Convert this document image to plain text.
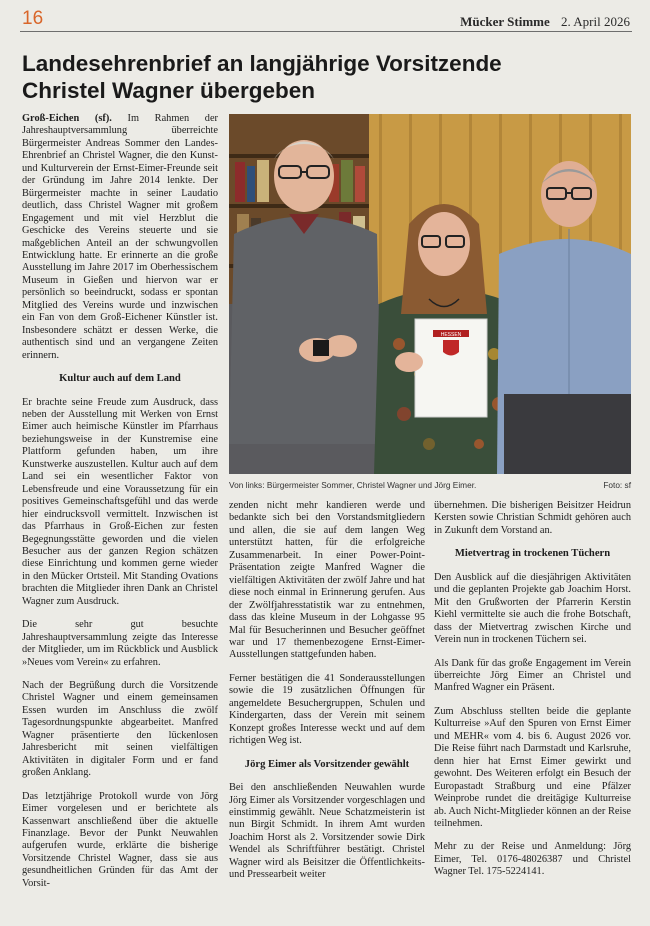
16	Mücker Stimme 2. April 2026
Landesehrenbrief an langjährige Vorsitzende
Christel Wagner übergeben

Groß-Eichen (sf). Im Rahmen der Jahreshauptversammlung überreichte Bürgermeister Andreas Sommer den Landes-Ehrenbrief an Christel Wagner, die den Kunst- und Kulturverein der Ernst-Eimer-Freunde seit der Gründung im Jahre 2014 lenkte. Der Bürgermeister machte in seiner Laudatio deutlich, dass Christel Wagner mit großem Engagement und mit viel Herzblut die Geschicke des Vereins steuerte und sie maßgeblichen Anteil an der schwungvollen Entwicklung hatte. Er erinnerte an die große Ausstellung im Jahre 2017 im Oberhessischem Museum in Gießen und hiervon war er persönlich so beeindruckt, sodass er spontan Mitglied des Vereins wurde und inzwischen ein Fan von dem Groß-Eichener Künstler ist. Insbesondere schätzt er dessen Werke, die authentisch sind und an vergangene Zeiten erinnern.

Kultur auch auf dem Land

Er brachte seine Freude zum Ausdruck, dass neben der Ausstellung mit Werken von Ernst Eimer auch heimische Künstler im Pfarrhaus beziehungsweise in der Kunstremise eine Plattform gefunden haben, um ihre Kunstwerke auszustellen. Kultur auch auf dem Land sei ein wesentlicher Faktor von Lebensfreude und eine Voraussetzung für ein positives Gemeinschaftsgefühl und das werde hier eindrucksvoll vermittelt. Inzwischen ist das Pfarrhaus in Groß-Eichen zur festen Begegnungsstätte geworden und die vielen Besucher aus der ganzen Region schätzen diese Einrichtung und kommen gerne wieder in den Mücker Ortsteil. Mit Standing Ovations brachten die Mitglieder ihren Dank an Christel Wagner zum Ausdruck.

Die sehr gut besuchte Jahreshauptversammlung zeigte das Interesse der Mitglieder, um im Rückblick und Ausblick »Neues vom Verein« zu erfahren.

Nach der Begrüßung durch die Vorsitzende Christel Wagner und einem gemeinsamen Essen wurden im Anschluss die zwölf Tagesordnungspunkte abgearbeitet. Manfred Wagner präsentierte den lückenlosen Jahresbericht mit seinen vielfältigen Aktivitäten in digitaler Form und er fand großen Anklang.

Das letztjährige Protokoll wurde von Jörg Eimer vorgelesen und er berichtete als Kassenwart anschließend über die aktuelle Finanzlage. Bevor der Punkt Neuwahlen aufgerufen wurde, erklärte die bisherige Vorsitzende Christel Wagner, dass sie aus gesundheitlichen Gründen für das Amt der Vorsit-

HESSEN
Von links: Bürgermeister Sommer, Christel Wagner und Jörg Eimer.	Foto: sf

zenden nicht mehr kandieren werde und bedankte sich bei den Vorstandsmitgliedern und allen, die sie auf dem langen Weg unterstützt hatten, für die erfolgreiche Zusammenarbeit. In einer Power-Point-Präsentation zeigte Manfred Wagner die vielfältigen Aktivitäten der zwölf Jahre und hat diese noch einmal in Erinnerung gerufen. Aus der Zwölfjahresstatistik war zu entnehmen, dass das kleine Museum in der Lohgasse 95 Mal für Besucherinnen und Besucher geöffnet war und 17 themenbezogene Ernst-Eimer-Ausstellungen stattgefunden haben.

Ferner bestätigen die 41 Sonderausstellungen sowie die 19 zusätzlichen Öffnungen für angemeldete Besuchergruppen, Schulen und Kindergarten, dass der Verein mit seinem Konzept großes Interesse weckt und auf dem richtigen Weg ist.

Jörg Eimer als Vorsitzender gewählt

Bei den anschließenden Neuwahlen wurde Jörg Eimer als Vorsitzender vorgeschlagen und einstimmig gewählt. Neue Schatzmeisterin ist nun Birgit Schmidt. In ihrem Amt wurden Joachim Horst als 2. Vorsitzender sowie Dirk Wendel als Schriftführer bestätigt. Christel Wagner wird als Beisitzer die Öffentlichkeits- und Pressearbeit weiter

übernehmen. Die bisherigen Beisitzer Heidrun Kersten sowie Christian Schmidt gehören auch in Zukunft dem Vorstand an.

Mietvertrag in trockenen Tüchern

Den Ausblick auf die diesjährigen Aktivitäten und die geplanten Projekte gab Joachim Horst. Mit den Grußworten der Pfarrerin Kerstin Kiehl vermittelte sie auch die frohe Botschaft, dass der Mietvertrag zwischen Kirche und Verein nun in trockenen Tüchern sei.

Als Dank für das große Engagement im Verein überreichte Jörg Eimer an Christel und Manfred Wagner ein Präsent.

Zum Abschluss stellten beide die geplante Kulturreise »Auf den Spuren von Ernst Eimer und MEHR« vom 4. bis 6. August 2026 vor. Die Reise führt nach Darmstadt und Karlsruhe, denn hier hat Ernst Eimer gewirkt und gewohnt. Des Weiteren erfolgt ein Besuch der Europastadt Straßburg und eine Pfälzer Weinprobe rundet die dreitägige Kulturreise ab. Auch Nicht-Mitglieder können an der Reise teilnehmen.

Mehr zu der Reise und Anmeldung: Jörg Eimer, Tel. 0176-48026387 und Christel Wagner Tel. 175-5224141.
